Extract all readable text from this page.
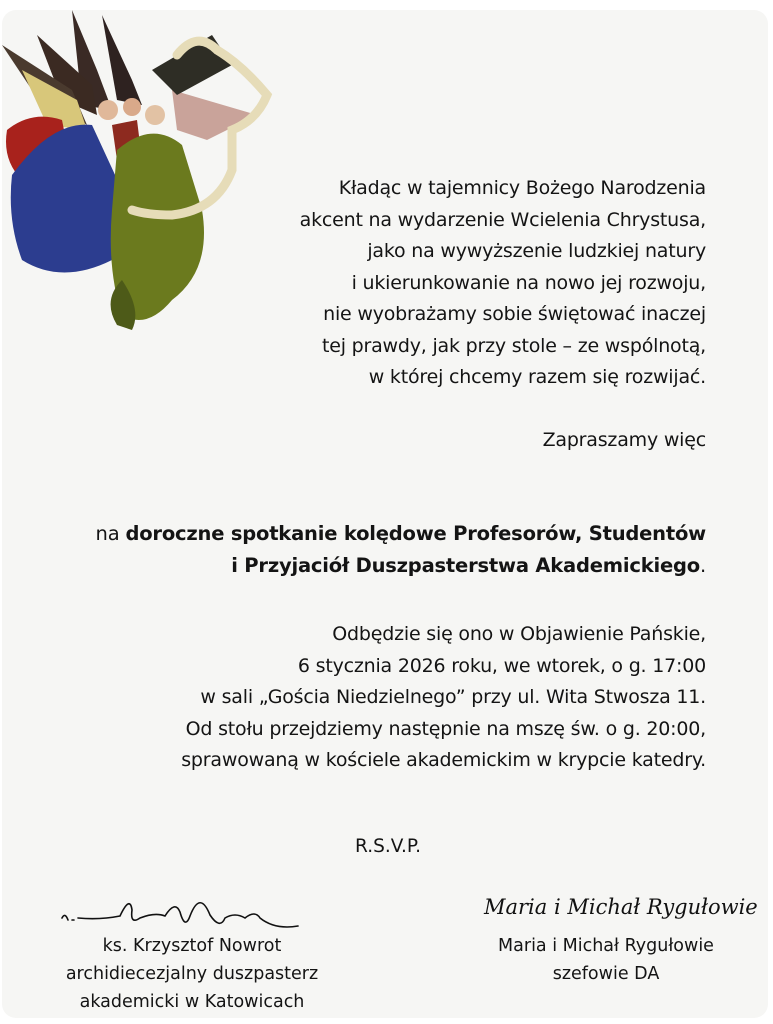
Kładąc w tajemnicy Bożego Narodzenia
akcent na wydarzenie Wcielenia Chrystusa,
jako na wywyższenie ludzkiej natury
i ukierunkowanie na nowo jej rozwoju,
nie wyobrażamy sobie świętować inaczej
tej prawdy, jak przy stole – ze wspólnotą,
w której chcemy razem się rozwijać.
Zapraszamy więc
na doroczne spotkanie kolędowe Profesorów, Studentów
i Przyjaciół Duszpasterstwa Akademickiego.
Odbędzie się ono w Objawienie Pańskie,
6 stycznia 2026 roku, we wtorek, o g. 17:00
w sali „Gościa Niedzielnego” przy ul. Wita Stwosza 11.
Od stołu przejdziemy następnie na mszę św. o g. 20:00,
sprawowaną w kościele akademickim w krypcie katedry.
R.S.V.P.
ks. Krzysztof Nowrot
archidiecezjalny duszpasterz
akademicki w Katowicach
Maria i Michał Rygułowie
Maria i Michał Rygułowie
szefowie DA
